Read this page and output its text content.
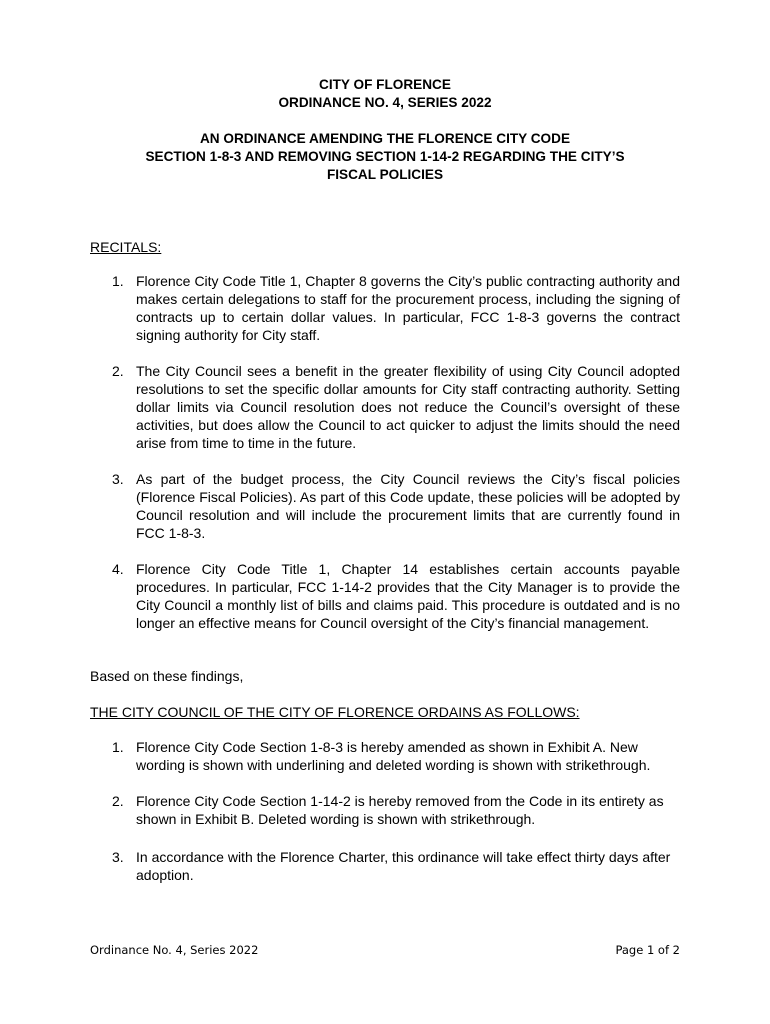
CITY OF FLORENCE
ORDINANCE NO. 4, SERIES 2022
AN ORDINANCE AMENDING THE FLORENCE CITY CODE
SECTION 1-8-3 AND REMOVING SECTION 1-14-2 REGARDING THE CITY’S
FISCAL POLICIES
RECITALS:
1. Florence City Code Title 1, Chapter 8 governs the City’s public contracting authority and makes certain delegations to staff for the procurement process, including the signing of contracts up to certain dollar values. In particular, FCC 1-8-3 governs the contract signing authority for City staff.
2. The City Council sees a benefit in the greater flexibility of using City Council adopted resolutions to set the specific dollar amounts for City staff contracting authority. Setting dollar limits via Council resolution does not reduce the Council’s oversight of these activities, but does allow the Council to act quicker to adjust the limits should the need arise from time to time in the future.
3. As part of the budget process, the City Council reviews the City’s fiscal policies (Florence Fiscal Policies). As part of this Code update, these policies will be adopted by Council resolution and will include the procurement limits that are currently found in FCC 1-8-3.
4. Florence City Code Title 1, Chapter 14 establishes certain accounts payable procedures. In particular, FCC 1-14-2 provides that the City Manager is to provide the City Council a monthly list of bills and claims paid. This procedure is outdated and is no longer an effective means for Council oversight of the City’s financial management.
Based on these findings,
THE CITY COUNCIL OF THE CITY OF FLORENCE ORDAINS AS FOLLOWS:
1. Florence City Code Section 1-8-3 is hereby amended as shown in Exhibit A. New wording is shown with underlining and deleted wording is shown with strikethrough.
2. Florence City Code Section 1-14-2 is hereby removed from the Code in its entirety as shown in Exhibit B. Deleted wording is shown with strikethrough.
3. In accordance with the Florence Charter, this ordinance will take effect thirty days after adoption.
Ordinance No. 4, Series 2022	Page 1 of 2
